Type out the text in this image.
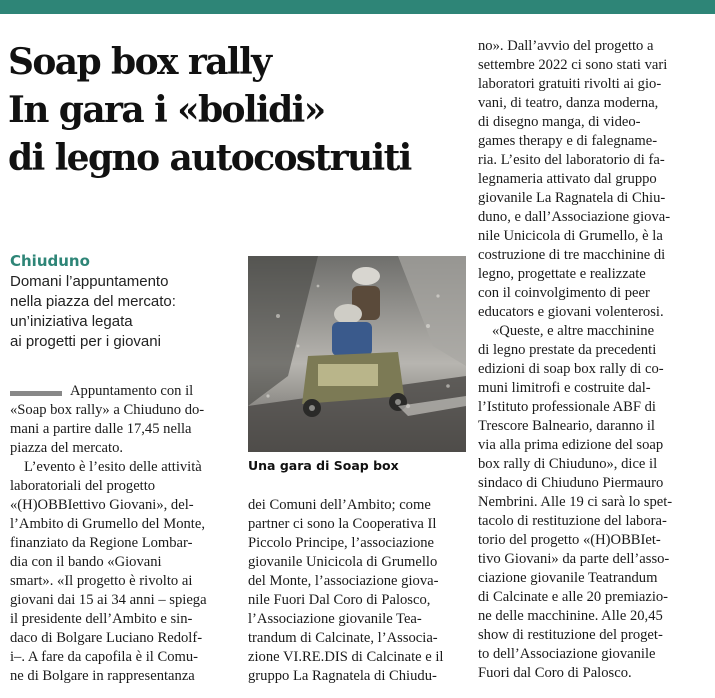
Soap box rally
In gara i «bolidi»
di legno autocostruiti
Chiuduno
Domani l’appuntamento
nella piazza del mercato:
un’iniziativa legata
ai progetti per i giovani
Una gara di Soap box

Appuntamento con il
«Soap box rally» a Chiuduno do-
mani a partire dalle 17,45 nella
piazza del mercato.

L’evento è l’esito delle attività
laboratoriali del progetto
«(H)OBBIettivo Giovani», del-
l’Ambito di Grumello del Monte,
finanziato da Regione Lombar-
dia con il bando «Giovani
smart». «Il progetto è rivolto ai
giovani dai 15 ai 34 anni – spiega
il presidente dell’Ambito e sin-
daco di Bolgare Luciano Redolf-
i–. A fare da capofila è il Comu-
ne di Bolgare in rappresentanza

dei Comuni dell’Ambito; come
partner ci sono la Cooperativa Il
Piccolo Principe, l’associazione
giovanile Unicicola di Grumello
del Monte, l’associazione giova-
nile Fuori Dal Coro di Palosco,
l’Associazione giovanile Tea-
trandum di Calcinate, l’Associa-
zione VI.RE.DIS di Calcinate e il
gruppo La Ragnatela di Chiudu-

no». Dall’avvio del progetto a
settembre 2022 ci sono stati vari
laboratori gratuiti rivolti ai gio-
vani, di teatro, danza moderna,
di disegno manga, di video-
games therapy e di falegname-
ria. L’esito del laboratorio di fa-
legnameria attivato dal gruppo
giovanile La Ragnatela di Chiu-
duno, e dall’Associazione giova-
nile Unicicola di Grumello, è la
costruzione di tre macchinine di
legno, progettate e realizzate
con il coinvolgimento di peer
educators e giovani volenterosi.

«Queste, e altre macchinine
di legno prestate da precedenti
edizioni di soap box rally di co-
muni limitrofi e costruite dal-
l’Istituto professionale ABF di
Trescore Balneario, daranno il
via alla prima edizione del soap
box rally di Chiuduno», dice il
sindaco di Chiuduno Piermauro
Nembrini. Alle 19 ci sarà lo spet-
tacolo di restituzione del labora-
torio del progetto «(H)OBBIet-
tivo Giovani» da parte dell’asso-
ciazione giovanile Teatrandum
di Calcinate e alle 20 premiazio-
ne delle macchinine. Alle 20,45
show di restituzione del proget-
to dell’Associazione giovanile
Fuori dal Coro di Palosco.
